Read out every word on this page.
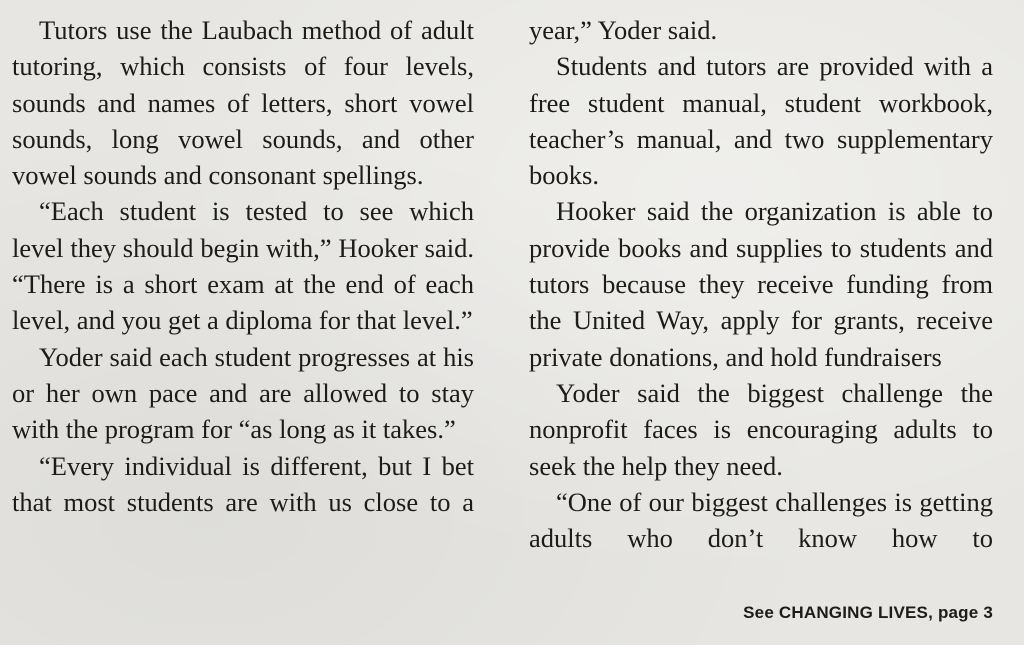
Tutors use the Laubach method of adult tutoring, which consists of four levels, sounds and names of letters, short vowel sounds, long vowel sounds, and other vowel sounds and consonant spellings.

“Each student is tested to see which level they should begin with,” Hooker said. “There is a short exam at the end of each level, and you get a diploma for that level.”

Yoder said each student progresses at his or her own pace and are allowed to stay with the program for “as long as it takes.”

“Every individual is different, but I bet that most students are with us close to a

year,” Yoder said.

Students and tutors are provided with a free student manual, student workbook, teacher’s manual, and two supplementary books.

Hooker said the organization is able to provide books and supplies to students and tutors because they receive funding from the United Way, apply for grants, receive private donations, and hold fundraisers

Yoder said the biggest challenge the nonprofit faces is encouraging adults to seek the help they need.

“One of our biggest challenges is getting adults who don’t know how to

See CHANGING LIVES, page 3
